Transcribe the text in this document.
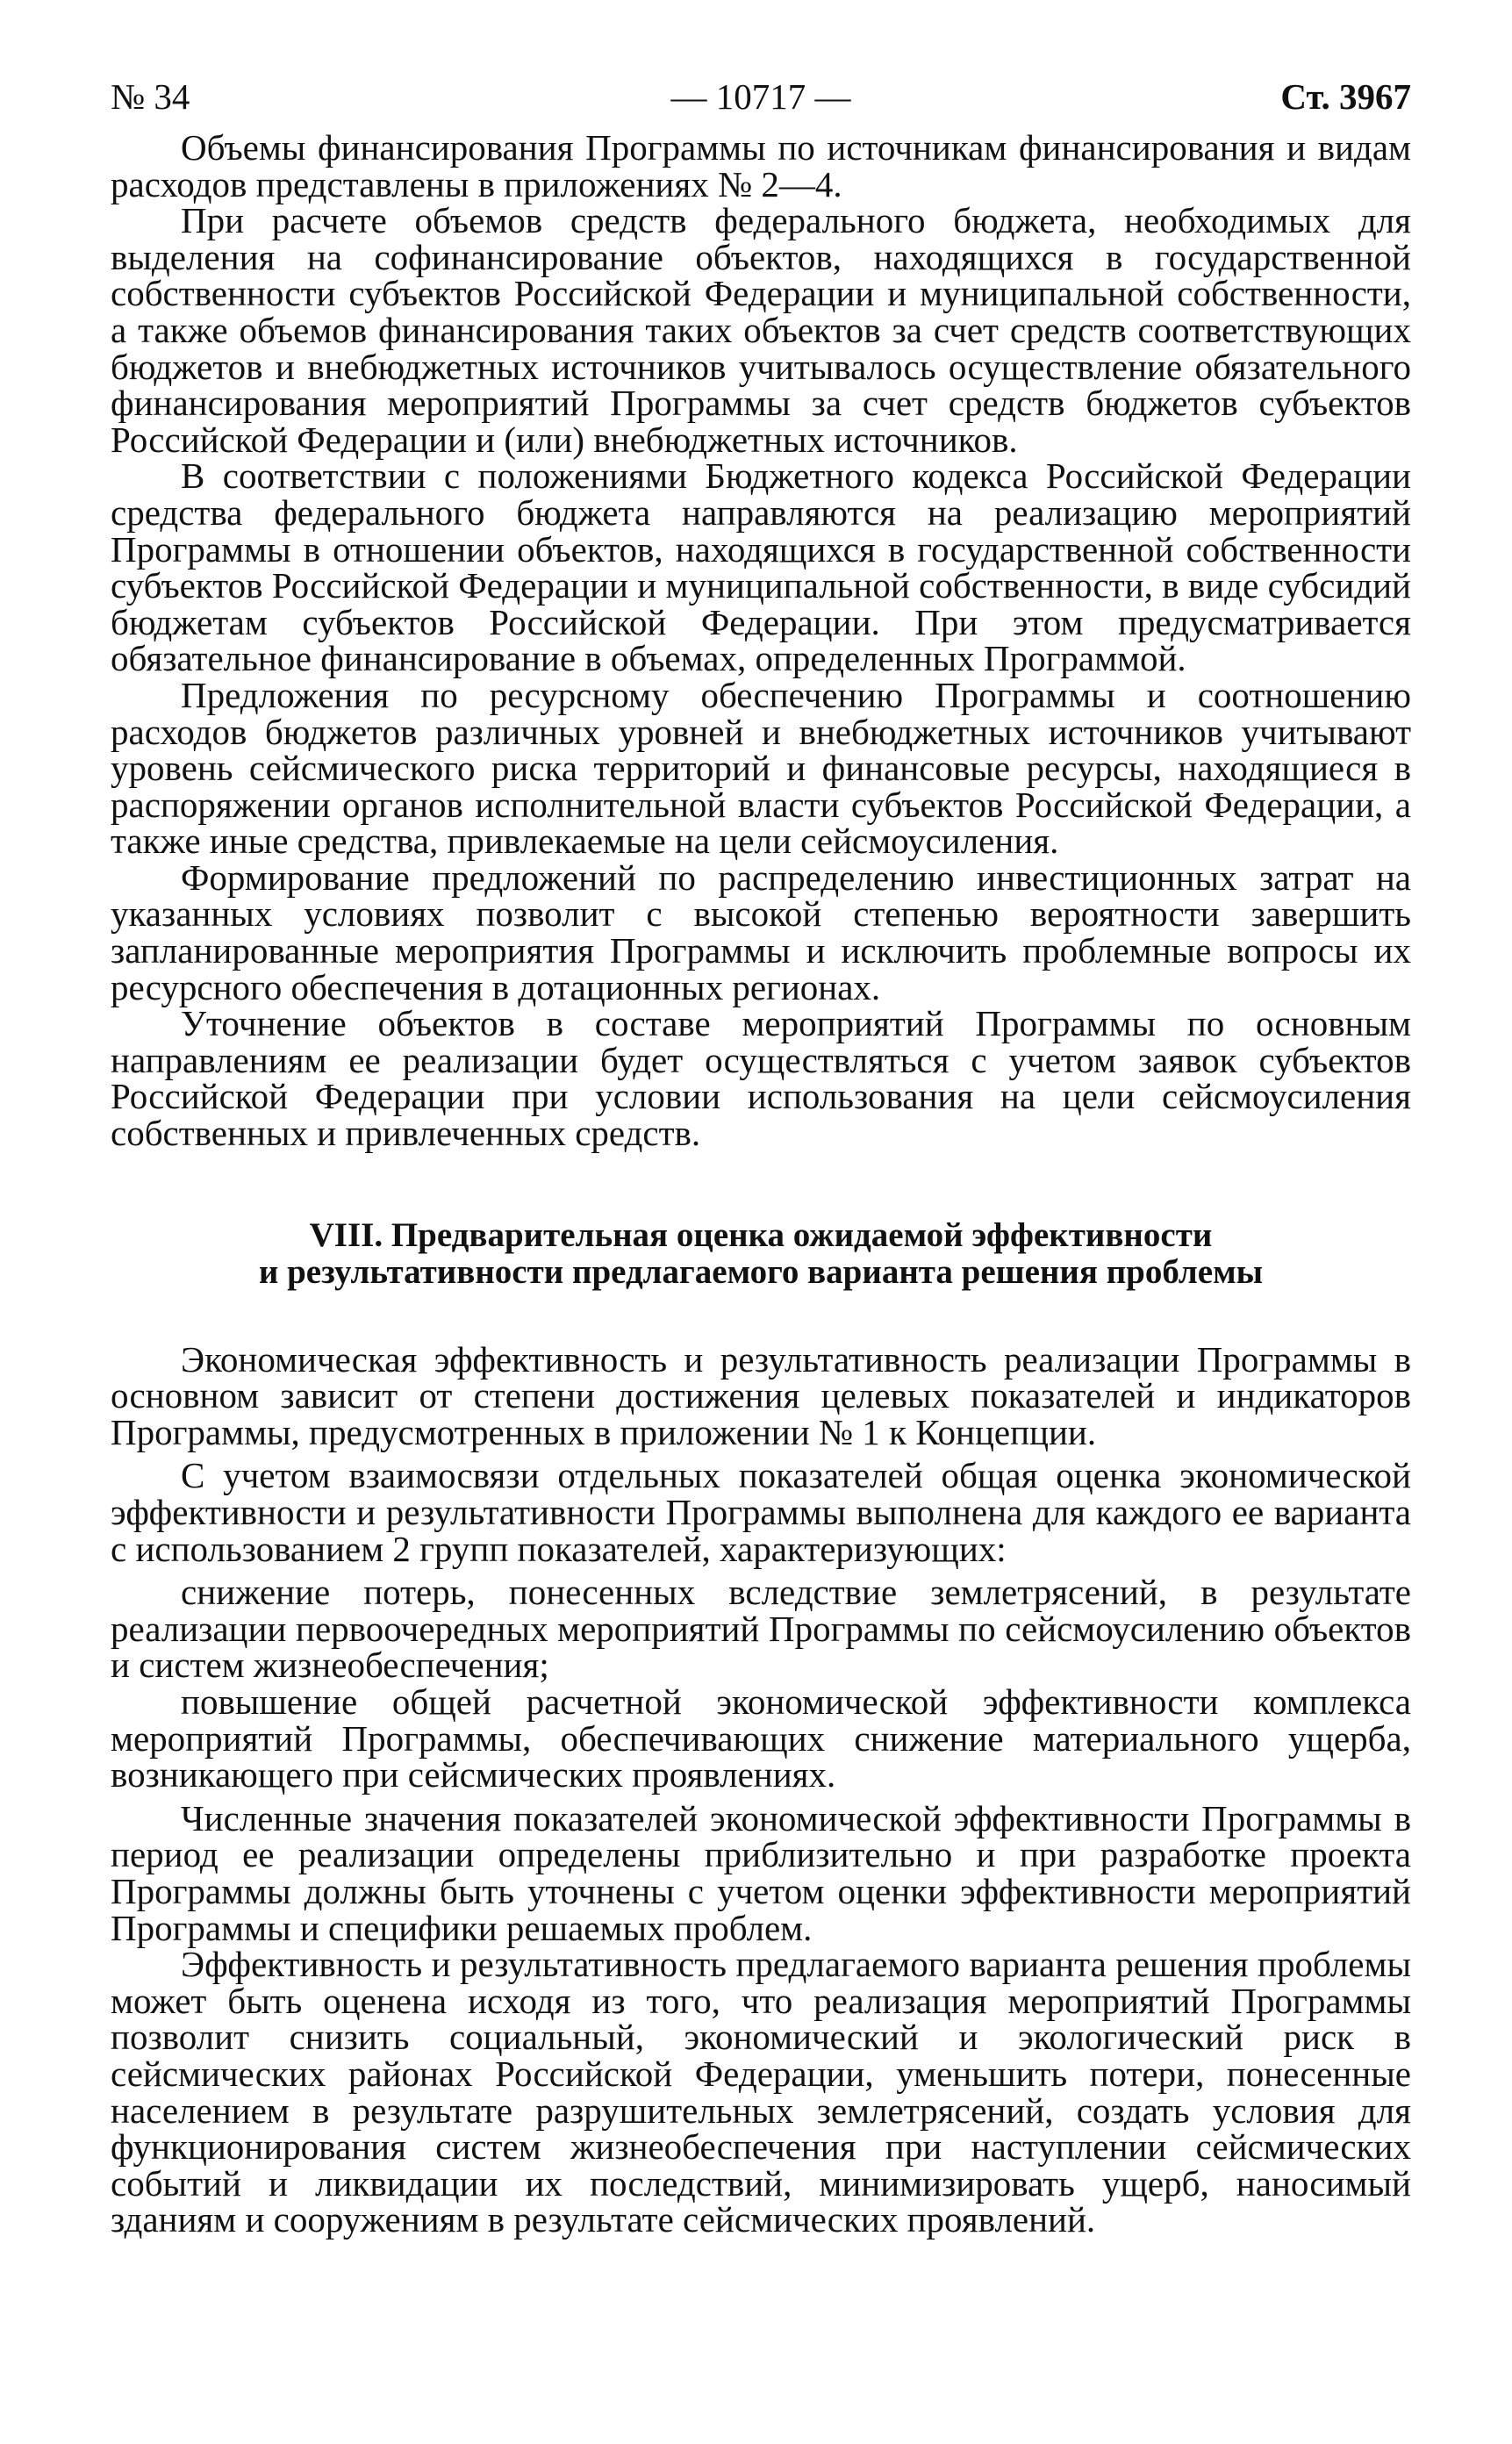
№ 34	— 10717 —	Ст. 3967

Объемы финансирования Программы по источникам финансирования и видам расходов представлены в приложениях № 2—4.

При расчете объемов средств федерального бюджета, необходимых для выделения на софинансирование объектов, находящихся в государственной собственности субъектов Российской Федерации и муниципальной собственности, а также объемов финансирования таких объектов за счет средств соответствующих бюджетов и внебюджетных источников учитывалось осуществление обязательного финансирования мероприятий Программы за счет средств бюджетов субъектов Российской Федерации и (или) внебюджетных источников.

В соответствии с положениями Бюджетного кодекса Российской Федерации средства федерального бюджета направляются на реализацию мероприятий Программы в отношении объектов, находящихся в государственной собственности субъектов Российской Федерации и муниципальной собственности, в виде субсидий бюджетам субъектов Российской Федерации. При этом предусматривается обязательное финансирование в объемах, определенных Программой.

Предложения по ресурсному обеспечению Программы и соотношению расходов бюджетов различных уровней и внебюджетных источников учитывают уровень сейсмического риска территорий и финансовые ресурсы, находящиеся в распоряжении органов исполнительной власти субъектов Российской Федерации, а также иные средства, привлекаемые на цели сейсмоусиления.

Формирование предложений по распределению инвестиционных затрат на указанных условиях позволит с высокой степенью вероятности завершить запланированные мероприятия Программы и исключить проблемные вопросы их ресурсного обеспечения в дотационных регионах.

Уточнение объектов в составе мероприятий Программы по основным направлениям ее реализации будет осуществляться с учетом заявок субъектов Российской Федерации при условии использования на цели сейсмоусиления собственных и привлеченных средств.

VIII. Предварительная оценка ожидаемой эффективности
и результативности предлагаемого варианта решения проблемы

Экономическая эффективность и результативность реализации Программы в основном зависит от степени достижения целевых показателей и индикаторов Программы, предусмотренных в приложении № 1 к Концепции.

С учетом взаимосвязи отдельных показателей общая оценка экономической эффективности и результативности Программы выполнена для каждого ее варианта с использованием 2 групп показателей, характеризующих:

снижение потерь, понесенных вследствие землетрясений, в результате реализации первоочередных мероприятий Программы по сейсмоусилению объектов и систем жизнеобеспечения;

повышение общей расчетной экономической эффективности комплекса мероприятий Программы, обеспечивающих снижение материального ущерба, возникающего при сейсмических проявлениях.

Численные значения показателей экономической эффективности Программы в период ее реализации определены приблизительно и при разработке проекта Программы должны быть уточнены с учетом оценки эффективности мероприятий Программы и специфики решаемых проблем.

Эффективность и результативность предлагаемого варианта решения проблемы может быть оценена исходя из того, что реализация мероприятий Программы позволит снизить социальный, экономический и экологический риск в сейсмических районах Российской Федерации, уменьшить потери, понесенные населением в результате разрушительных землетрясений, создать условия для функционирования систем жизнеобеспечения при наступлении сейсмических событий и ликвидации их последствий, минимизировать ущерб, наносимый зданиям и сооружениям в результате сейсмических проявлений.
